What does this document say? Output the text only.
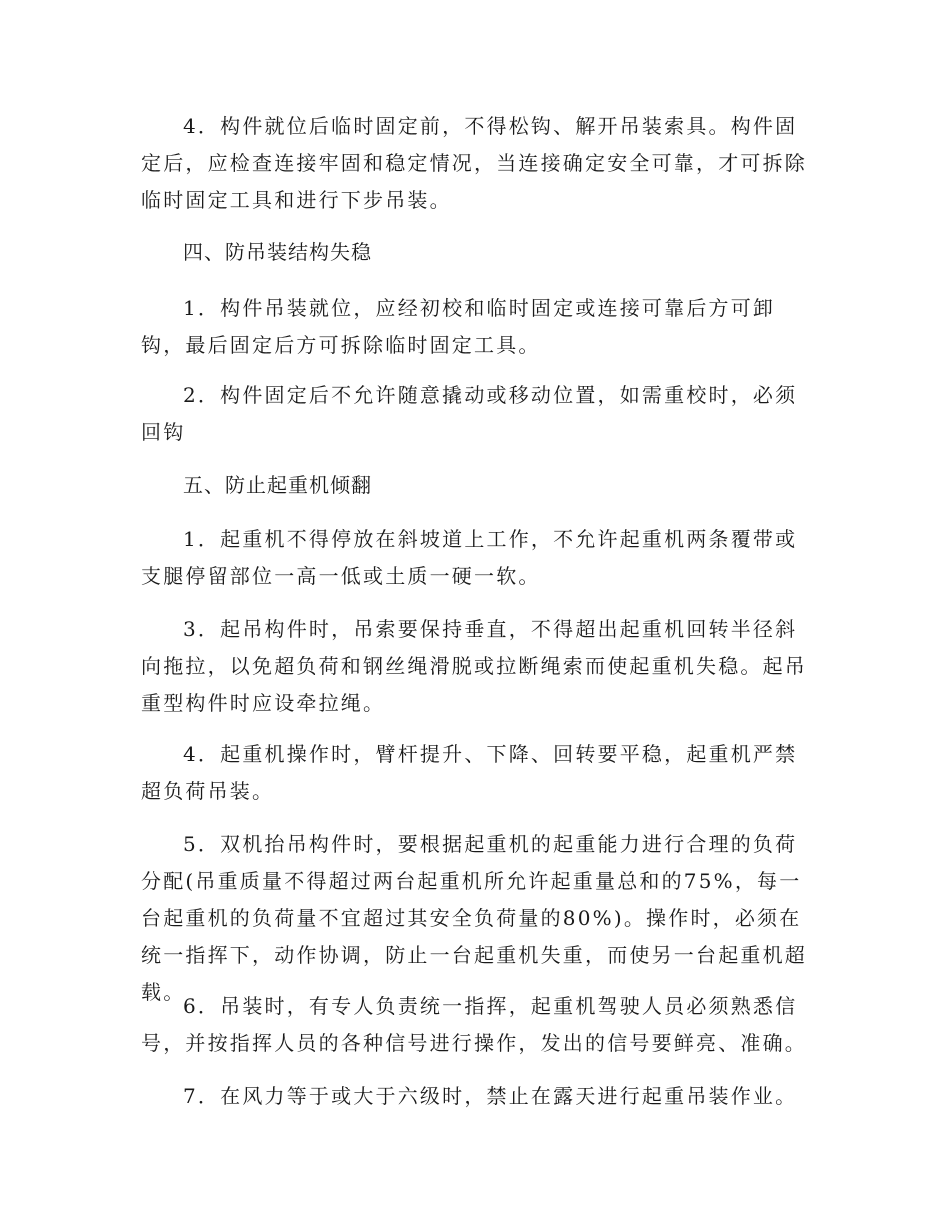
4．构件就位后临时固定前，不得松钩、解开吊装索具。构件固定后，应检查连接牢固和稳定情况，当连接确定安全可靠，才可拆除临时固定工具和进行下步吊装。

四、防吊装结构失稳

1．构件吊装就位，应经初校和临时固定或连接可靠后方可卸钩，最后固定后方可拆除临时固定工具。

2．构件固定后不允许随意撬动或移动位置，如需重校时，必须回钩

五、防止起重机倾翻

1．起重机不得停放在斜坡道上工作，不允许起重机两条覆带或支腿停留部位一高一低或土质一硬一软。

3．起吊构件时，吊索要保持垂直，不得超出起重机回转半径斜向拖拉，以免超负荷和钢丝绳滑脱或拉断绳索而使起重机失稳。起吊重型构件时应设牵拉绳。

4．起重机操作时，臂杆提升、下降、回转要平稳，起重机严禁超负荷吊装。

5．双机抬吊构件时，要根据起重机的起重能力进行合理的负荷分配(吊重质量不得超过两台起重机所允许起重量总和的75%，每一台起重机的负荷量不宜超过其安全负荷量的80%)。操作时，必须在统一指挥下，动作协调，防止一台起重机失重，而使另一台起重机超载。

6．吊装时，有专人负责统一指挥，起重机驾驶人员必须熟悉信号，并按指挥人员的各种信号进行操作，发出的信号要鲜亮、准确。

7．在风力等于或大于六级时，禁止在露天进行起重吊装作业。
